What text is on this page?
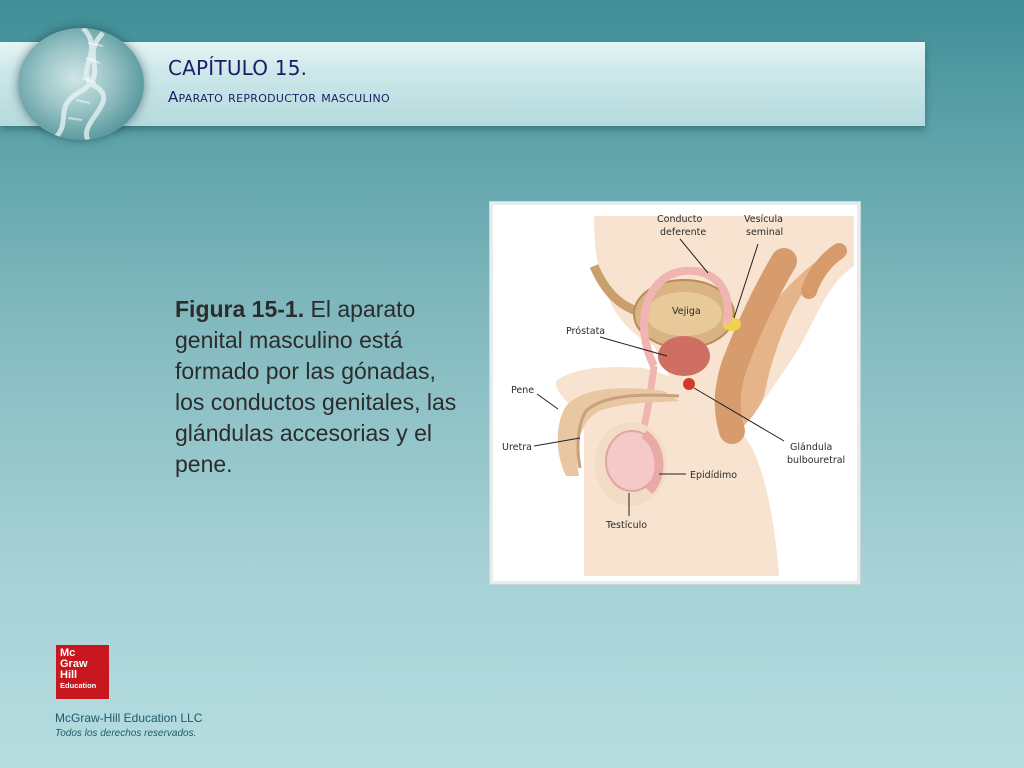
CAPÍTULO 15.
Aparato reproductor masculino
Figura 15-1. El aparato genital masculino está formado por las gónadas, los conductos genitales, las glándulas accesorias y el pene.
Conducto
deferente
Vesícula
seminal
Vejiga
Próstata
Pene
Uretra	Glándula
bulbouretral
Epidídimo
Testículo
Mc
Graw
Hill
Education
McGraw-Hill Education LLC
Todos los derechos reservados.
